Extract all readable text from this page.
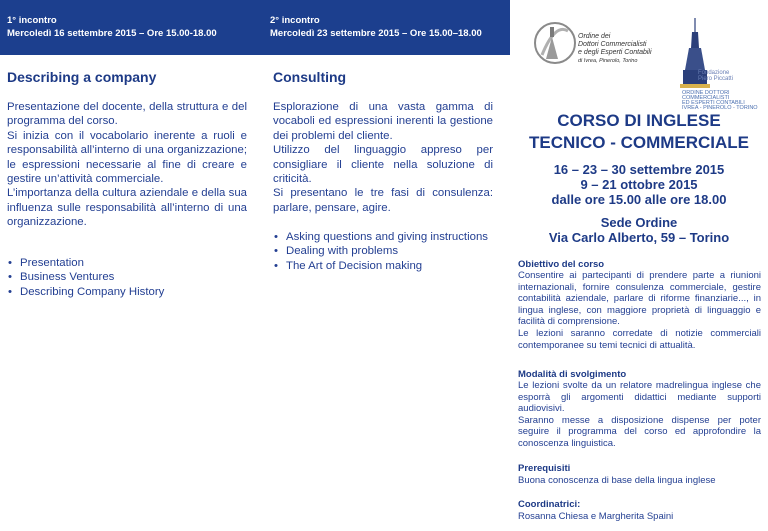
1° incontro
Mercoledì 16 settembre 2015 – Ore 15.00-18.00
Describing a company
Presentazione del docente, della struttura e del programma del corso.
Si inizia con il vocabolario inerente a ruoli e responsabilità all’interno di una organizzazione; le espressioni necessarie al fine di creare e gestire un’attività commerciale.
L’importanza della cultura aziendale e della sua influenza sulle responsabilità all’interno di una organizzazione.
• Presentation
• Business Ventures
• Describing Company History
2° incontro
Mercoledì 23 settembre 2015 – Ore 15.00–18.00
Consulting
Esplorazione di una vasta gamma di vocaboli ed espressioni inerenti la gestione dei problemi del cliente.
Utilizzo del linguaggio appreso per consigliare il cliente nella soluzione di criticità.
Si presentano le tre fasi di consulenza: parlare, pensare, agire.
• Asking questions and giving instructions
• Dealing with problems
• The Art of Decision making
Ordine dei
Dottori Commercialisti
e degli Esperti Contabili
di Ivrea, Pinerolo, Torino
Fondazione
Piero Piccatti
ORDINE DOTTORI
COMMERCIALISTI
ED ESPERTI CONTABILI
IVREA - PINEROLO - TORINO
CORSO DI INGLESE
TECNICO - COMMERCIALE
16 – 23 – 30 settembre 2015
9 – 21 ottobre 2015
dalle ore 15.00 alle ore 18.00
Sede Ordine
Via Carlo Alberto, 59 – Torino
Obiettivo del corso
Consentire ai partecipanti di prendere parte a riunioni internazionali, fornire consulenza commerciale, gestire contabilità aziendale, parlare di riforme finanziarie..., in lingua inglese, con maggiore proprietà di linguaggio e facilità di comprensione.
Le lezioni saranno corredate di notizie commerciali contemporanee su temi tecnici di attualità.
Modalità di svolgimento
Le lezioni svolte da un relatore madrelingua inglese che esporrà gli argomenti didattici mediante supporti audiovisivi.
Saranno messe a disposizione dispense per poter seguire il programma del corso ed approfondire la conoscenza linguistica.
Prerequisiti
Buona conoscenza di base della lingua inglese
Coordinatrici:
Rosanna Chiesa e Margherita Spaini
